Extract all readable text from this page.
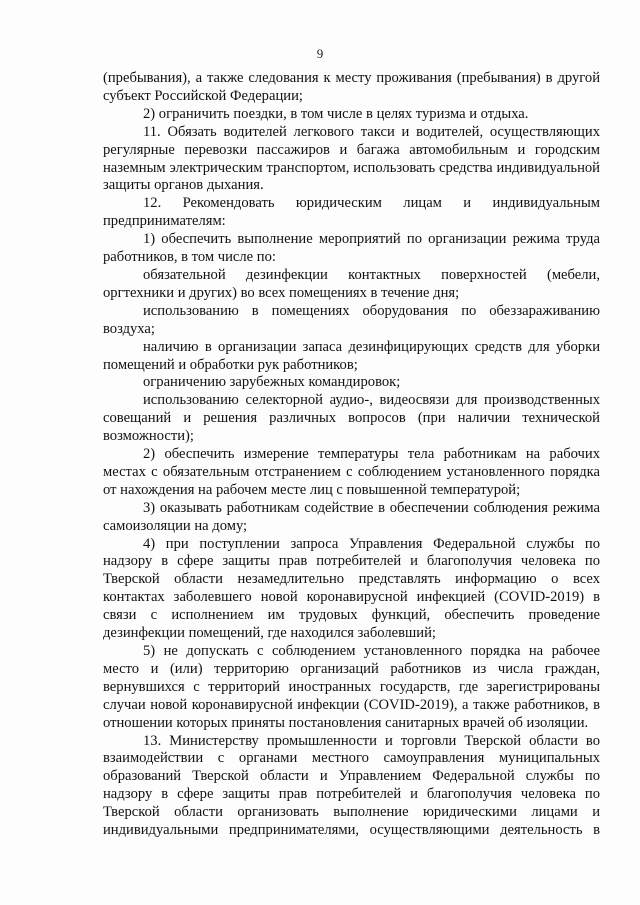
9

(пребывания), а также следования к месту проживания (пребывания) в другой субъект Российской Федерации;

2) ограничить поездки, в том числе в целях туризма и отдыха.

11. Обязать водителей легкового такси и водителей, осуществляющих регулярные перевозки пассажиров и багажа автомобильным и городским наземным электрическим транспортом, использовать средства индивидуальной защиты органов дыхания.

12. Рекомендовать юридическим лицам и индивидуальным предпринимателям:

1) обеспечить выполнение мероприятий по организации режима труда работников, в том числе по:

обязательной дезинфекции контактных поверхностей (мебели, оргтехники и других) во всех помещениях в течение дня;

использованию в помещениях оборудования по обеззараживанию воздуха;

наличию в организации запаса дезинфицирующих средств для уборки помещений и обработки рук работников;

ограничению зарубежных командировок;

использованию селекторной аудио-, видеосвязи для производственных совещаний и решения различных вопросов (при наличии технической возможности);

2) обеспечить измерение температуры тела работникам на рабочих местах с обязательным отстранением с соблюдением установленного порядка от нахождения на рабочем месте лиц с повышенной температурой;

3) оказывать работникам содействие в обеспечении соблюдения режима самоизоляции на дому;

4) при поступлении запроса Управления Федеральной службы по надзору в сфере защиты прав потребителей и благополучия человека по Тверской области незамедлительно представлять информацию о всех контактах заболевшего новой коронавирусной инфекцией (COVID-2019) в связи с исполнением им трудовых функций, обеспечить проведение дезинфекции помещений, где находился заболевший;

5) не допускать с соблюдением установленного порядка на рабочее место и (или) территорию организаций работников из числа граждан, вернувшихся с территорий иностранных государств, где зарегистрированы случаи новой коронавирусной инфекции (COVID-2019), а также работников, в отношении которых приняты постановления санитарных врачей об изоляции.

13. Министерству промышленности и торговли Тверской области во взаимодействии с органами местного самоуправления муниципальных образований Тверской области и Управлением Федеральной службы по надзору в сфере защиты прав потребителей и благополучия человека по Тверской области организовать выполнение юридическими лицами и индивидуальными предпринимателями, осуществляющими деятельность в
